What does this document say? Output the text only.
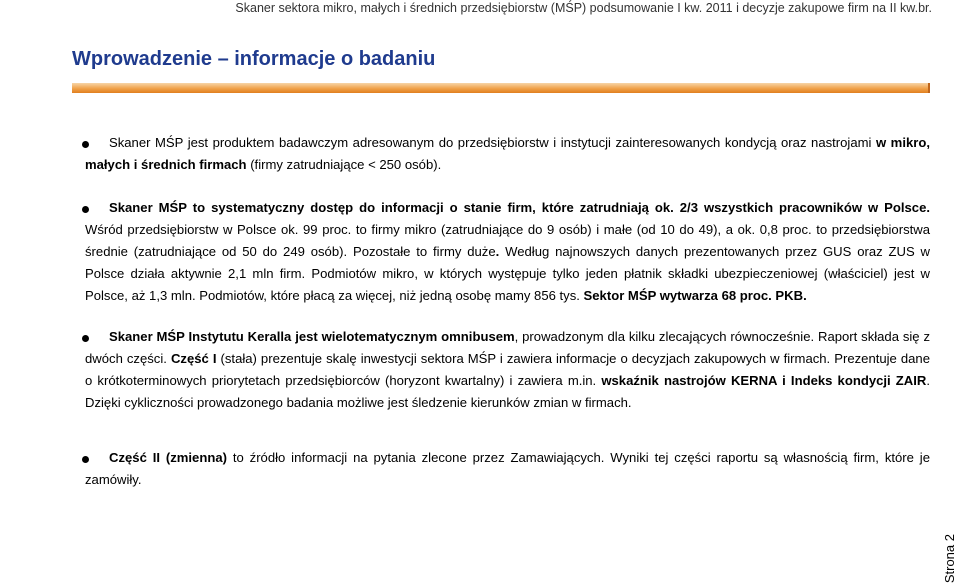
Skaner sektora mikro, małych i średnich przedsiębiorstw (MŚP) podsumowanie I kw. 2011 i decyzje zakupowe firm na II kw.br.
Wprowadzenie – informacje o badaniu

Skaner MŚP jest produktem badawczym adresowanym do przedsiębiorstw i instytucji zainteresowanych kondycją oraz nastrojami w mikro, małych i średnich firmach (firmy zatrudniające < 250 osób).

Skaner MŚP to systematyczny dostęp do informacji o stanie firm, które zatrudniają ok. 2/3 wszystkich pracowników w Polsce. Wśród przedsiębiorstw w Polsce ok. 99 proc. to firmy mikro (zatrudniające do 9 osób) i małe (od 10 do 49), a ok. 0,8 proc. to przedsiębiorstwa średnie (zatrudniające od 50 do 249 osób). Pozostałe to firmy duże. Według najnowszych danych prezentowanych przez GUS oraz ZUS w Polsce działa aktywnie 2,1 mln firm. Podmiotów mikro, w których występuje tylko jeden płatnik składki ubezpieczeniowej (właściciel) jest w Polsce, aż 1,3 mln. Podmiotów, które płacą za więcej, niż jedną osobę mamy 856 tys. Sektor MŚP wytwarza 68 proc. PKB.

Skaner MŚP Instytutu Keralla jest wielotematycznym omnibusem, prowadzonym dla kilku zlecających równocześnie. Raport składa się z dwóch części. Część I (stała) prezentuje skalę inwestycji sektora MŚP i zawiera informacje o decyzjach zakupowych w firmach. Prezentuje dane o krótkoterminowych priorytetach przedsiębiorców (horyzont kwartalny) i zawiera m.in. wskaźnik nastrojów KERNA i Indeks kondycji ZAIR. Dzięki cykliczności prowadzonego badania możliwe jest śledzenie kierunków zmian w firmach.

Część II (zmienna) to źródło informacji na pytania zlecone przez Zamawiających. Wyniki tej części raportu są własnością firm, które je zamówiły.

Strona 2
